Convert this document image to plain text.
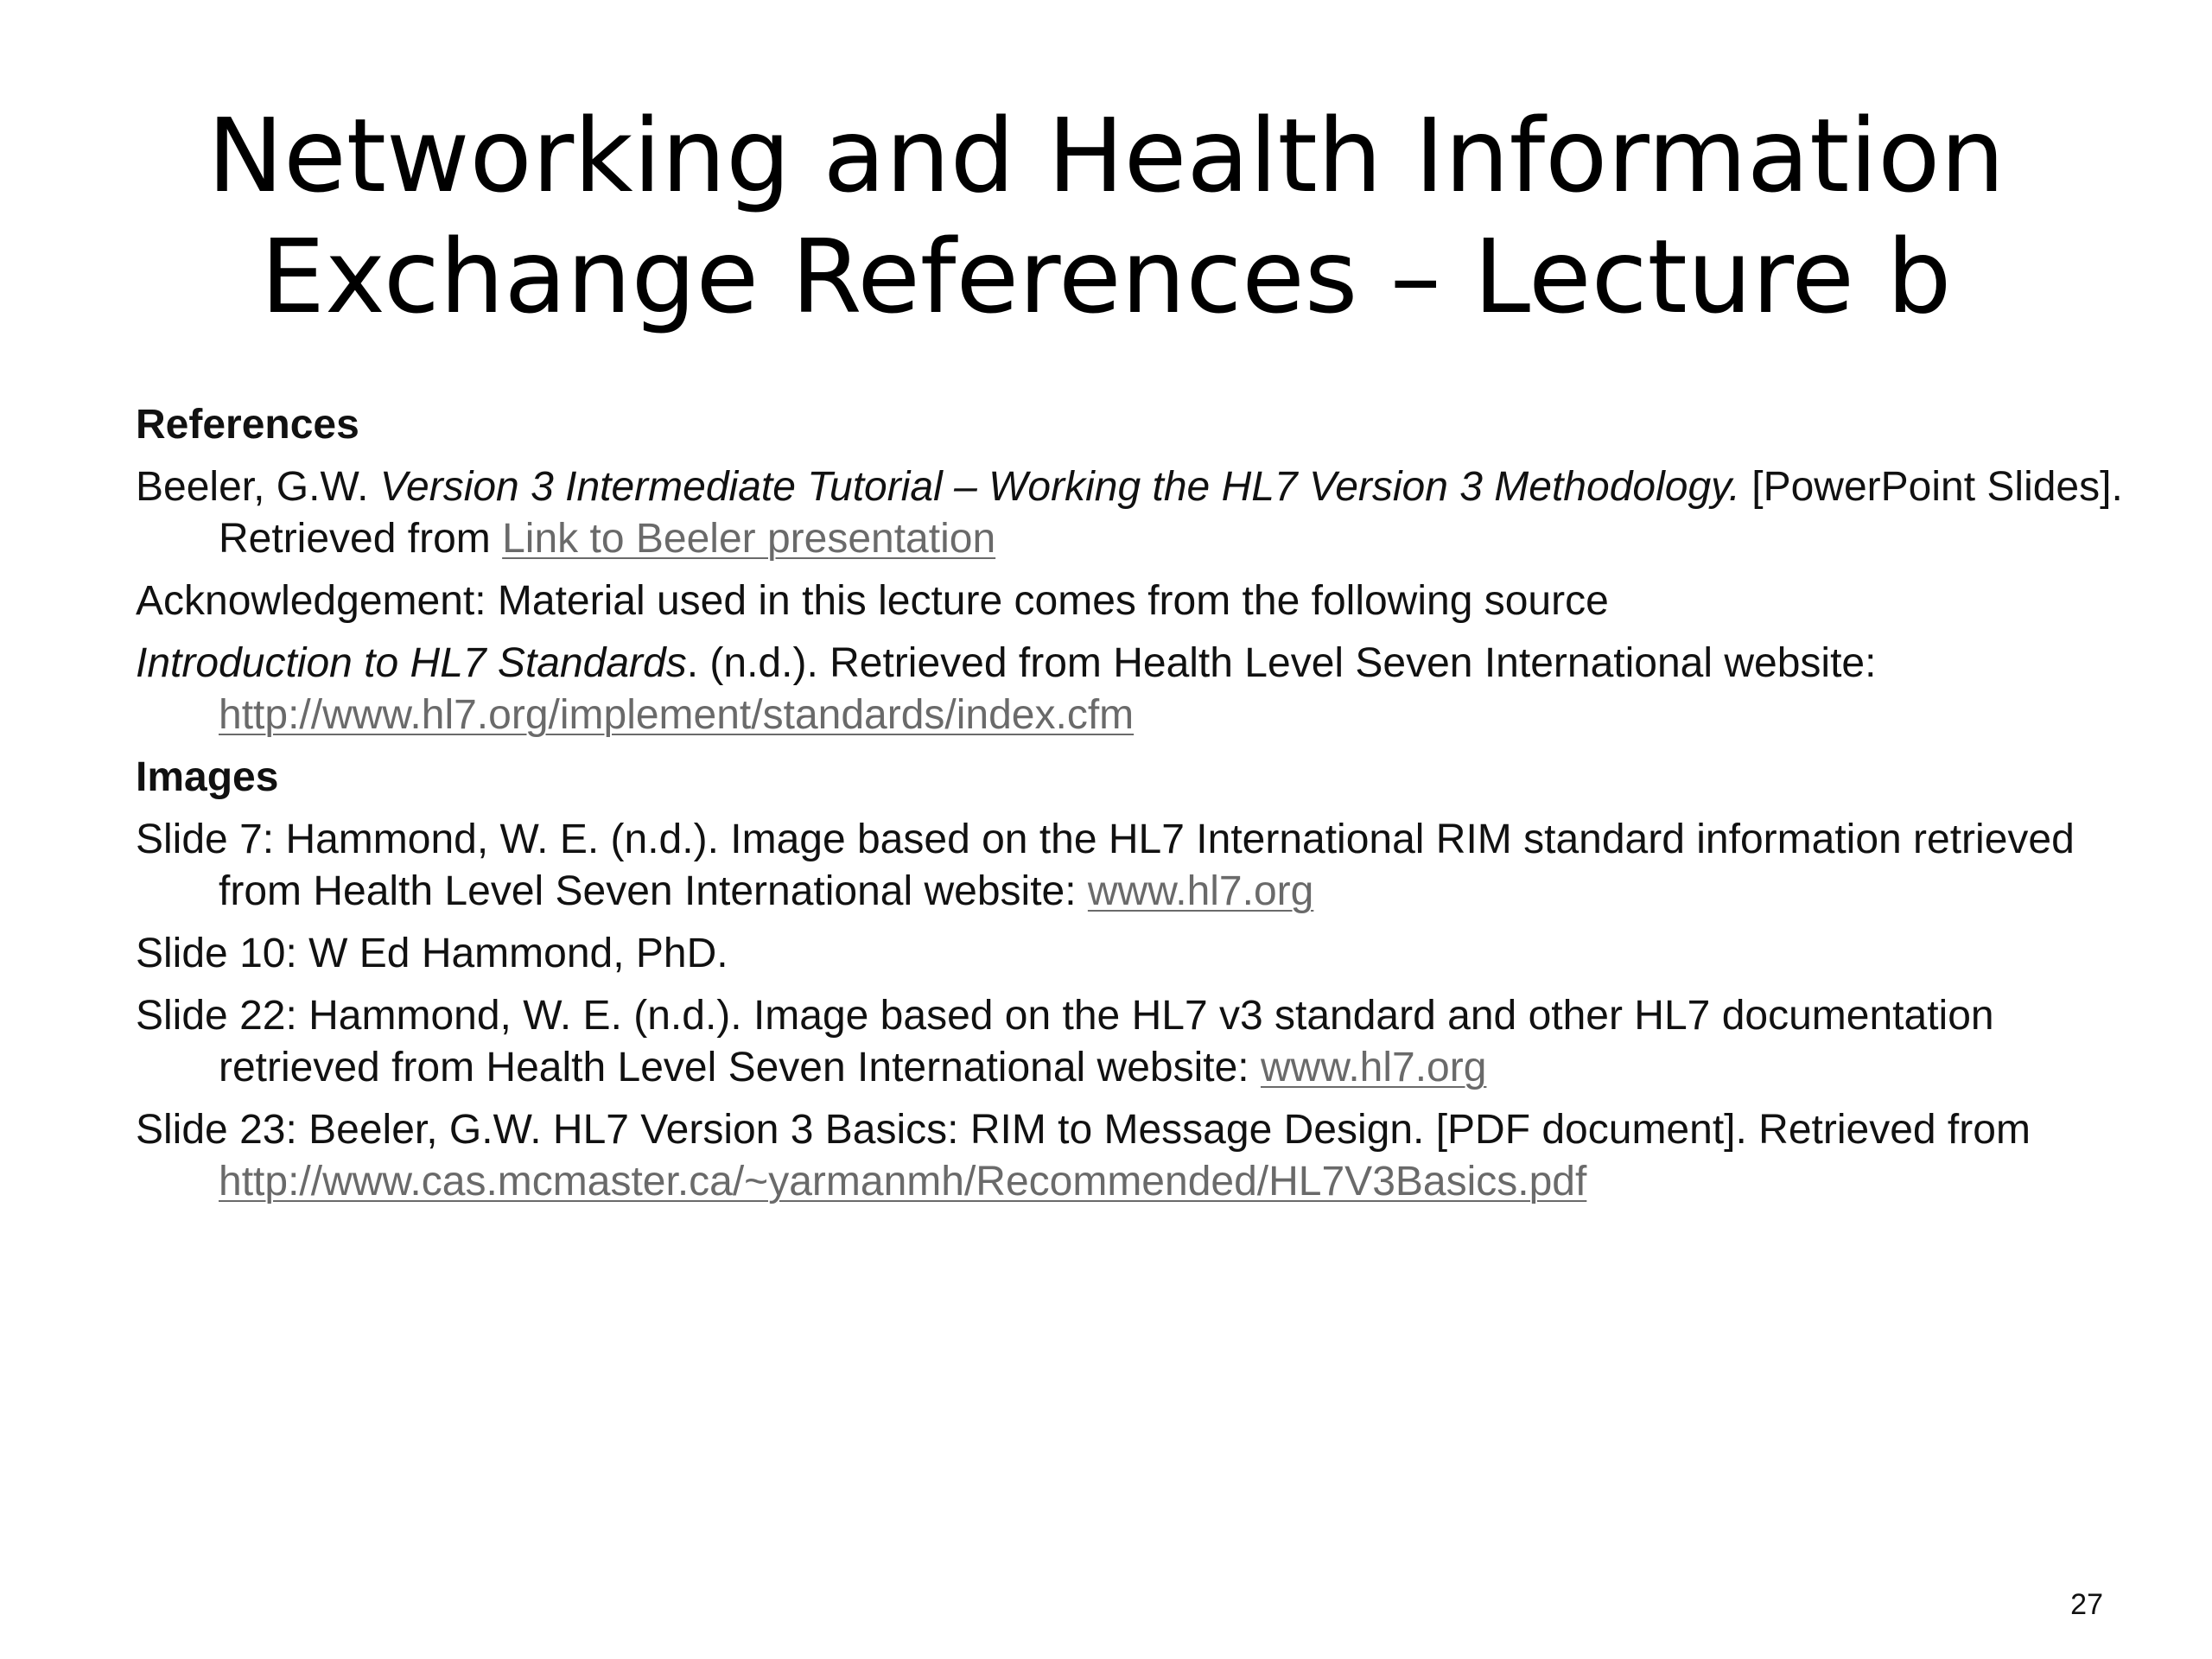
Networking and Health Information
Exchange References – Lecture b
References
Beeler, G.W. Version 3 Intermediate Tutorial – Working the HL7 Version 3 Methodology. [PowerPoint Slides]. Retrieved from Link to Beeler presentation
Acknowledgement: Material used in this lecture comes from the following source
Introduction to HL7 Standards. (n.d.). Retrieved from Health Level Seven International website: http://www.hl7.org/implement/standards/index.cfm
Images
Slide 7: Hammond, W. E. (n.d.). Image based on the HL7 International RIM standard information retrieved from Health Level Seven International website: www.hl7.org
Slide 10: W Ed Hammond, PhD.
Slide 22: Hammond, W. E. (n.d.). Image based on the HL7 v3 standard and other HL7 documentation retrieved from Health Level Seven International website: www.hl7.org
Slide 23: Beeler, G.W. HL7 Version 3 Basics: RIM to Message Design. [PDF document]. Retrieved from http://www.cas.mcmaster.ca/~yarmanmh/Recommended/HL7V3Basics.pdf
27
